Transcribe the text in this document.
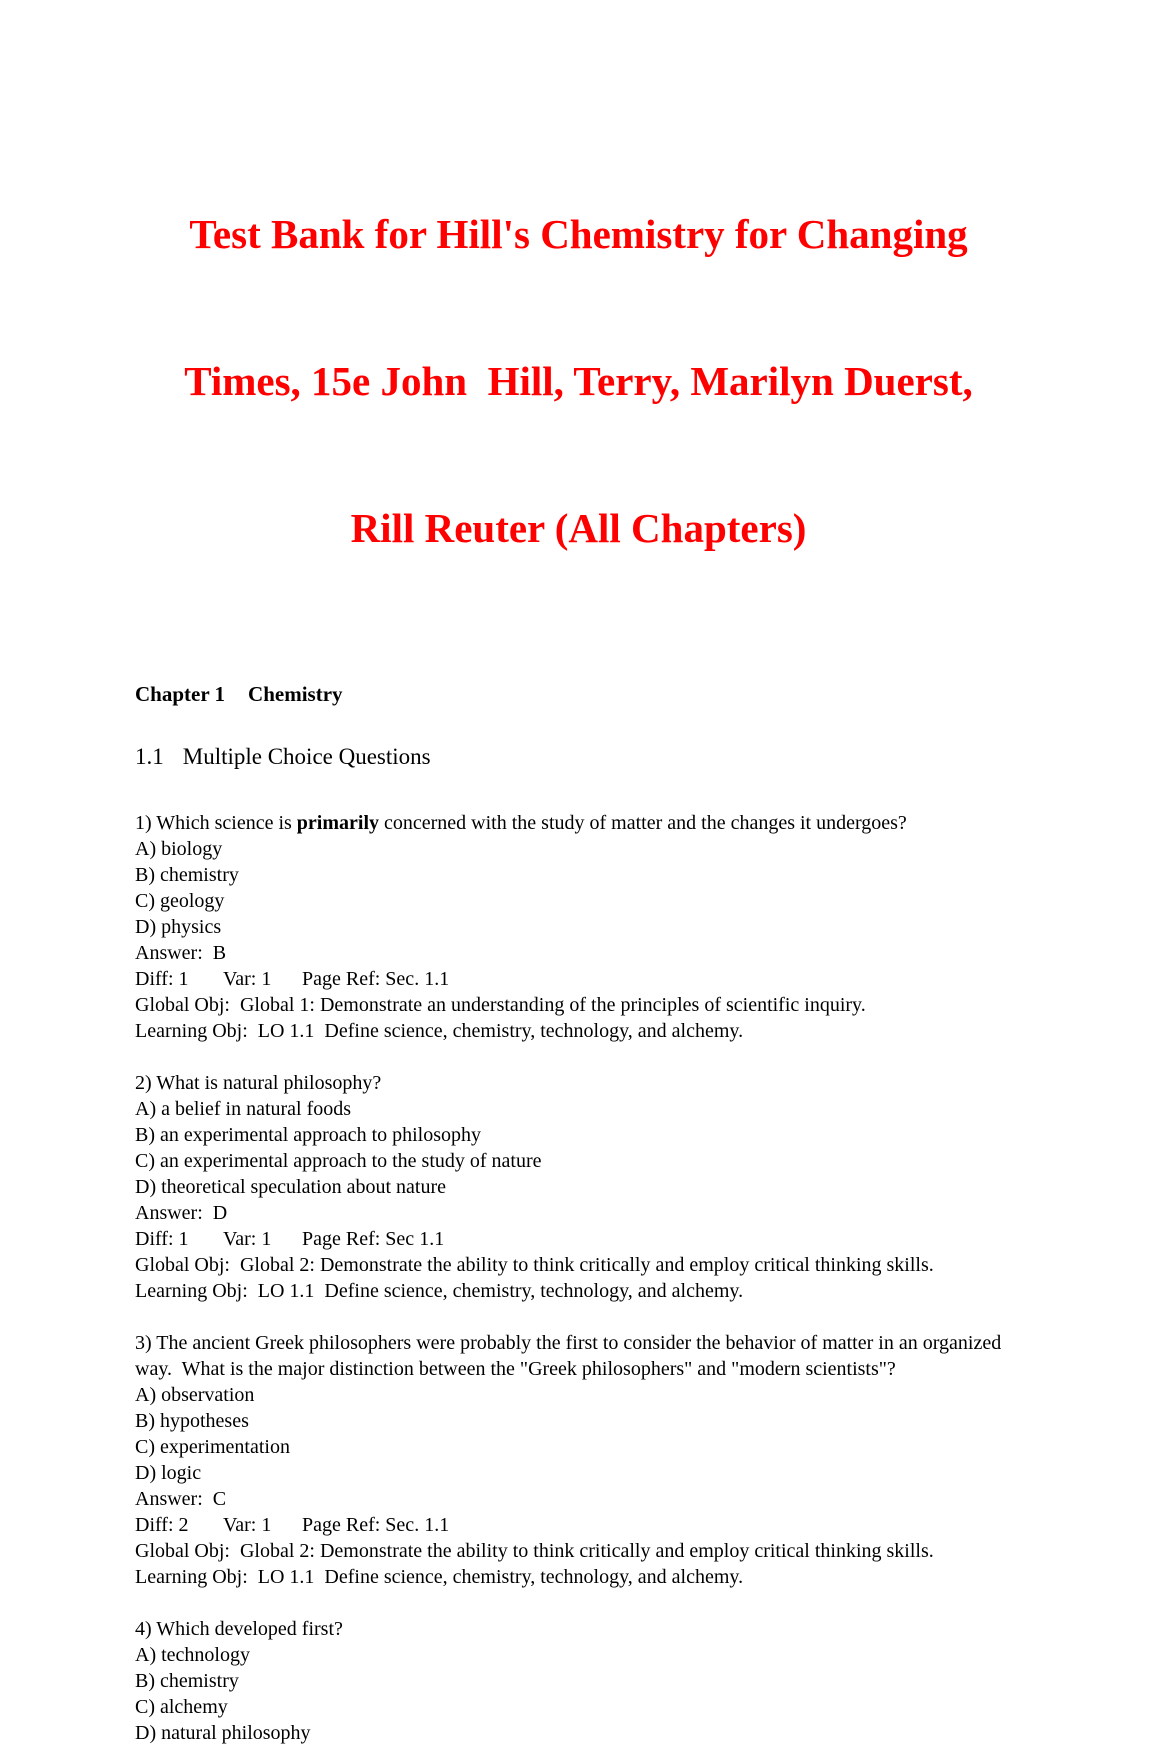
Test Bank for Hill's Chemistry for Changing

Times, 15e John  Hill, Terry, Marilyn Duerst,

Rill Reuter (All Chapters)

Chapter 1 Chemistry
1.1 Multiple Choice Questions

1) Which science is primarily concerned with the study of matter and the changes it undergoes?

A) biology

B) chemistry

C) geology

D) physics

Answer:  B

Diff: 1 Var: 1 Page Ref: Sec. 1.1

Global Obj:  Global 1: Demonstrate an understanding of the principles of scientific inquiry.

Learning Obj:  LO 1.1  Define science, chemistry, technology, and alchemy.

2) What is natural philosophy?

A) a belief in natural foods

B) an experimental approach to philosophy

C) an experimental approach to the study of nature

D) theoretical speculation about nature

Answer:  D

Diff: 1 Var: 1 Page Ref: Sec 1.1

Global Obj:  Global 2: Demonstrate the ability to think critically and employ critical thinking skills.

Learning Obj:  LO 1.1  Define science, chemistry, technology, and alchemy.

3) The ancient Greek philosophers were probably the first to consider the behavior of matter in an organized way.  What is the major distinction between the "Greek philosophers" and "modern scientists"?

A) observation

B) hypotheses

C) experimentation

D) logic

Answer:  C

Diff: 2 Var: 1 Page Ref: Sec. 1.1

Global Obj:  Global 2: Demonstrate the ability to think critically and employ critical thinking skills.

Learning Obj:  LO 1.1  Define science, chemistry, technology, and alchemy.

4) Which developed first?

A) technology

B) chemistry

C) alchemy

D) natural philosophy
